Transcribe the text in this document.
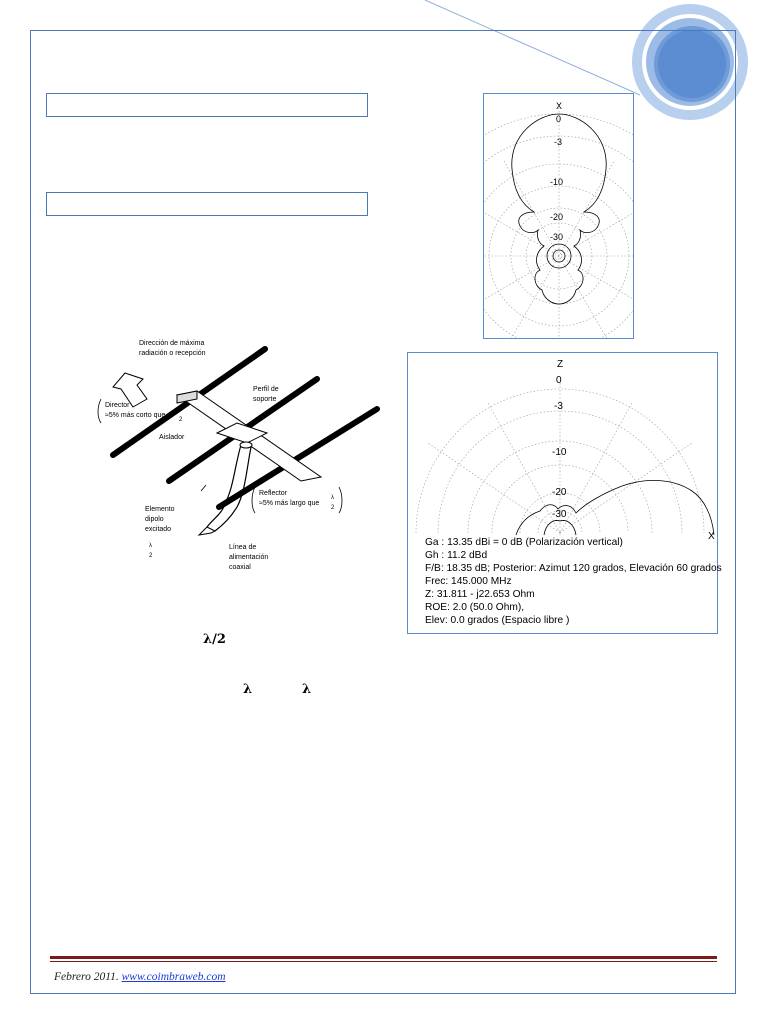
X
0
-3
-10
-20
-30
Z
X
0
-3
-10
-20
-30
Ga : 13.35 dBi = 0 dB (Polarización vertical)
Gh : 11.2 dBd
F/B: 18.35 dB; Posterior: Azimut 120 grados, Elevación 60 grados
Frec: 145.000 MHz
Z: 31.811 - j22.653 Ohm
ROE: 2.0 (50.0 Ohm),
Elev: 0.0 grados (Espacio libre )
Dirección de máxima
radiación o recepción
Director
≈5% más corto que
λ
2
Perfil de
soporte
Aislador
Elemento
dipolo
excitado
λ
2
Reflector
≈5% más largo que
λ
2
Línea de
alimentación
coaxial
λ/2
λ	λ
Febrero 2011. www.coimbraweb.com
